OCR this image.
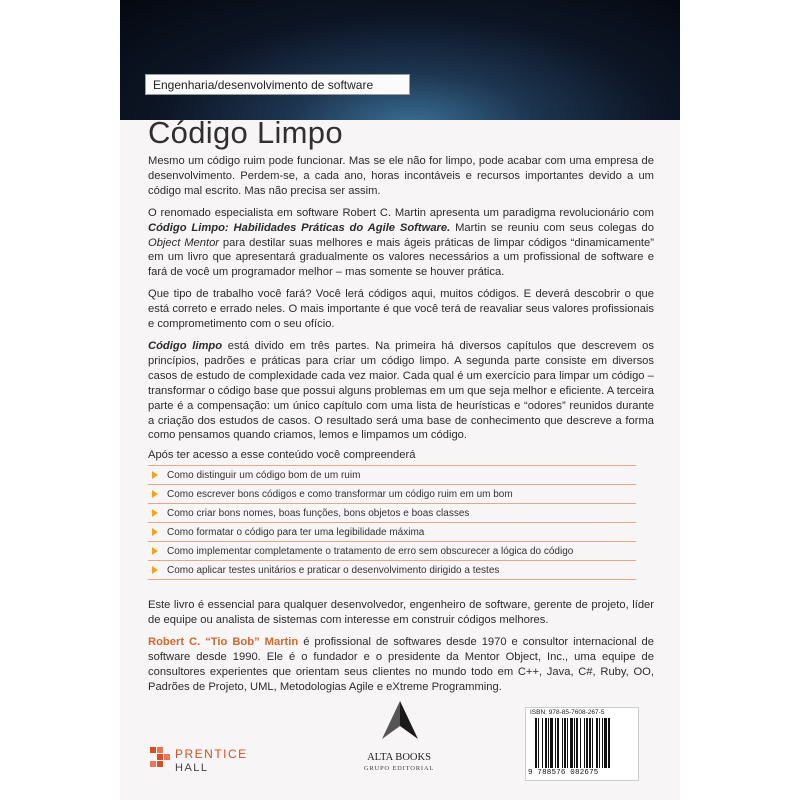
Engenharia/desenvolvimento de software
Código Limpo

Mesmo um código ruim pode funcionar. Mas se ele não for limpo, pode acabar com uma empresa de desenvolvimento. Perdem-se, a cada ano, horas incontáveis e recursos importantes devido a um código mal escrito. Mas não precisa ser assim.

O renomado especialista em software Robert C. Martin apresenta um paradigma revolucionário com Código Limpo: Habilidades Práticas do Agile Software. Martin se reuniu com seus colegas do Object Mentor para destilar suas melhores e mais ágeis práticas de limpar códigos “dinamicamente” em um livro que apresentará gradualmente os valores necessários a um profissional de software e fará de você um programador melhor – mas somente se houver prática.

Que tipo de trabalho você fará? Você lerá códigos aqui, muitos códigos. E deverá descobrir o que está correto e errado neles. O mais importante é que você terá de reavaliar seus valores profissionais e comprometimento com o seu ofício.

Código limpo está divido em três partes. Na primeira há diversos capítulos que descrevem os princípios, padrões e práticas para criar um código limpo. A segunda parte consiste em diversos casos de estudo de complexidade cada vez maior. Cada qual é um exercício para limpar um código – transformar o código base que possui alguns problemas em um que seja melhor e eficiente. A terceira parte é a compensação: um único capítulo com uma lista de heurísticas e “odores” reunidos durante a criação dos estudos de casos. O resultado será uma base de conhecimento que descreve a forma como pensamos quando criamos, lemos e limpamos um código.

Após ter acesso a esse conteúdo você compreenderá
Como distinguir um código bom de um ruim
Como escrever bons códigos e como transformar um código ruim em um bom
Como criar bons nomes, boas funções, bons objetos e boas classes
Como formatar o código para ter uma legibilidade máxima
Como implementar completamente o tratamento de erro sem obscurecer a lógica do código
Como aplicar testes unitários e praticar o desenvolvimento dirigido a testes

Este livro é essencial para qualquer desenvolvedor, engenheiro de software, gerente de projeto, líder de equipe ou analista de sistemas com interesse em construir códigos melhores.

Robert C. “Tio Bob” Martin é profissional de softwares desde 1970 e consultor internacional de software desde 1990. Ele é o fundador e o presidente da Mentor Object, Inc., uma equipe de consultores experientes que orientam seus clientes no mundo todo em C++, Java, C#, Ruby, OO, Padrões de Projeto, UML, Metodologias Agile e eXtreme Programming.

ISBN: 978-85-7608-267-5
9 788576 082675
PRENTICE
HALL
ALTA BOOKS
GRUPO EDITORIAL
